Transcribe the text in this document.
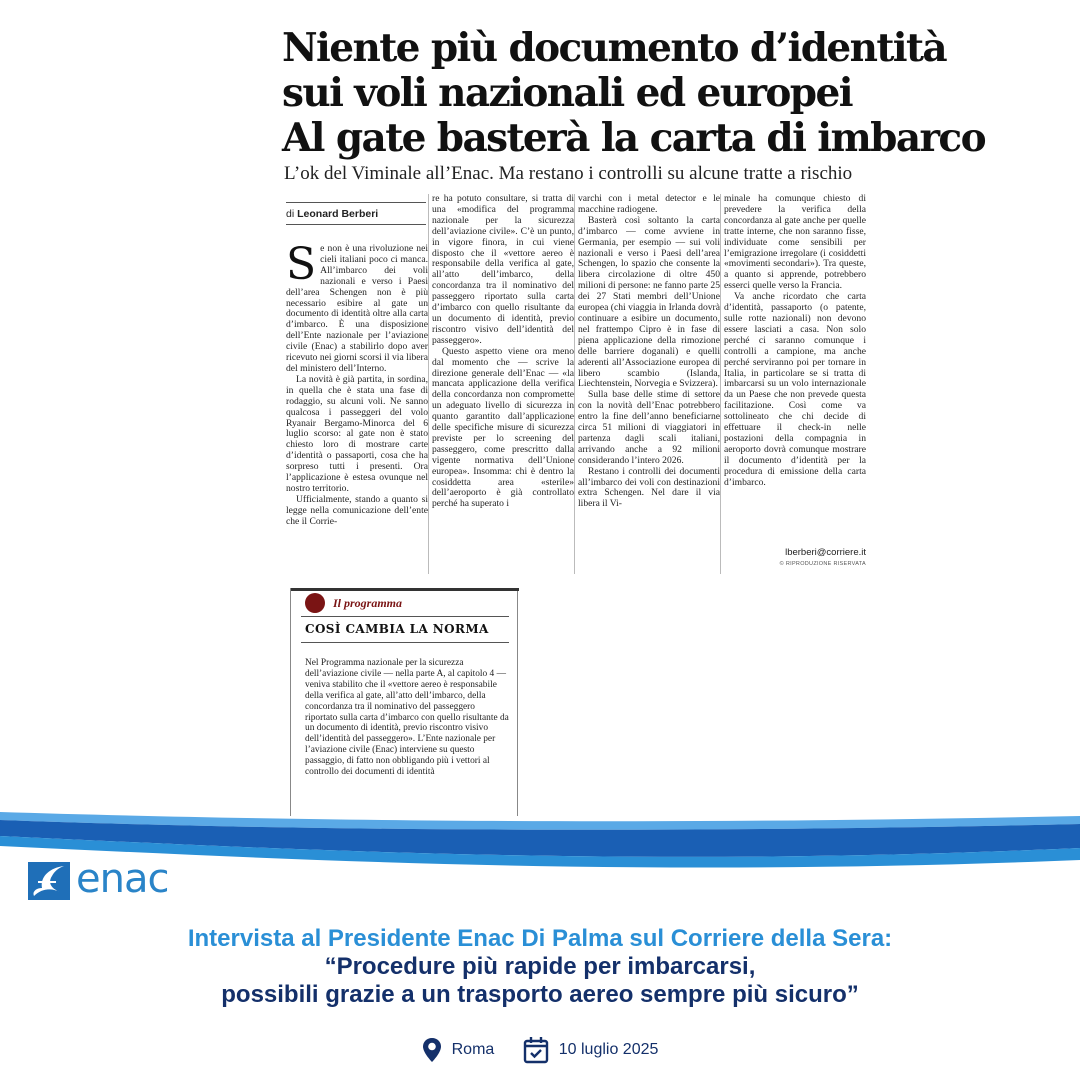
Niente più documento d’identità
sui voli nazionali ed europei
Al gate basterà la carta di imbarco
L’ok del Viminale all’Enac. Ma restano i controlli su alcune tratte a rischio
di Leonard Berberi

Se non è una rivoluzione nei cieli italiani poco ci manca. All’imbarco dei voli nazionali e verso i Paesi dell’area Schengen non è più necessario esibire al gate un documento di identità oltre alla carta d’imbarco. È una disposizione dell’Ente nazionale per l’aviazione civile (Enac) a stabilirlo dopo aver ricevuto nei giorni scorsi il via libera del ministero dell’Interno.

La novità è già partita, in sordina, in quella che è stata una fase di rodaggio, su alcuni voli. Ne sanno qualcosa i passeggeri del volo Ryanair Bergamo-Minorca del 6 luglio scorso: al gate non è stato chiesto loro di mostrare carte d’identità o passaporti, cosa che ha sorpreso tutti i presenti. Ora l’applicazione è estesa ovunque nel nostro territorio.

Ufficialmente, stando a quanto si legge nella comunicazione dell’ente che il Corrie-

re ha potuto consultare, si tratta di una «modifica del programma nazionale per la sicurezza dell’aviazione civile». C’è un punto, in vigore finora, in cui viene disposto che il «vettore aereo è responsabile della verifica al gate, all’atto dell’imbarco, della concordanza tra il nominativo del passeggero riportato sulla carta d’imbarco con quello risultante da un documento di identità, previo riscontro visivo dell’identità del passeggero».

Questo aspetto viene ora meno dal momento che — scrive la direzione generale dell’Enac — «la mancata applicazione della verifica della concordanza non compromette un adeguato livello di sicurezza in quanto garantito dall’applicazione delle specifiche misure di sicurezza previste per lo screening del passeggero, come prescritto dalla vigente normativa dell’Unione europea». Insomma: chi è dentro la cosiddetta area «sterile» dell’aeroporto è già controllato perché ha superato i

varchi con i metal detector e le macchine radiogene.

Basterà così soltanto la carta d’imbarco — come avviene in Germania, per esempio — sui voli nazionali e verso i Paesi dell’area Schengen, lo spazio che consente la libera circolazione di oltre 450 milioni di persone: ne fanno parte 25 dei 27 Stati membri dell’Unione europea (chi viaggia in Irlanda dovrà continuare a esibire un documento, nel frattempo Cipro è in fase di piena applicazione della rimozione delle barriere doganali) e quelli aderenti all’Associazione europea di libero scambio (Islanda, Liechtenstein, Norvegia e Svizzera).

Sulla base delle stime di settore con la novità dell’Enac potrebbero entro la fine dell’anno beneficiarne circa 51 milioni di viaggiatori in partenza dagli scali italiani, arrivando anche a 92 milioni considerando l’intero 2026.

Restano i controlli dei documenti all’imbarco dei voli con destinazioni extra Schengen. Nel dare il via libera il Vi-

minale ha comunque chiesto di prevedere la verifica della concordanza al gate anche per quelle tratte interne, che non saranno fisse, individuate come sensibili per l’emigrazione irregolare (i cosiddetti «movimenti secondari»). Tra queste, a quanto si apprende, potrebbero esserci quelle verso la Francia.

Va anche ricordato che carta d’identità, passaporto (o patente, sulle rotte nazionali) non devono essere lasciati a casa. Non solo perché ci saranno comunque i controlli a campione, ma anche perché serviranno poi per tornare in Italia, in particolare se si tratta di imbarcarsi su un volo internazionale da un Paese che non prevede questa facilitazione. Così come va sottolineato che chi decide di effettuare il check-in nelle postazioni della compagnia in aeroporto dovrà comunque mostrare il documento d’identità per la procedura di emissione della carta d’imbarco.

lberberi@corriere.it
© RIPRODUZIONE RISERVATA
Il programma
COSÌ CAMBIA LA NORMA
Nel Programma nazionale per la sicurezza dell’aviazione civile — nella parte A, al capitolo 4 — veniva stabilito che il «vettore aereo è responsabile della verifica al gate, all’atto dell’imbarco, della concordanza tra il nominativo del passeggero riportato sulla carta d’imbarco con quello risultante da un documento di identità, previo riscontro visivo dell’identità del passeggero». L’Ente nazionale per l’aviazione civile (Enac) interviene su questo passaggio, di fatto non obbligando più i vettori al controllo dei documenti di identità
enac
Intervista al Presidente Enac Di Palma sul Corriere della Sera:
“Procedure più rapide per imbarcarsi,
possibili grazie a un trasporto aereo sempre più sicuro”
Roma
	10 luglio 2025
